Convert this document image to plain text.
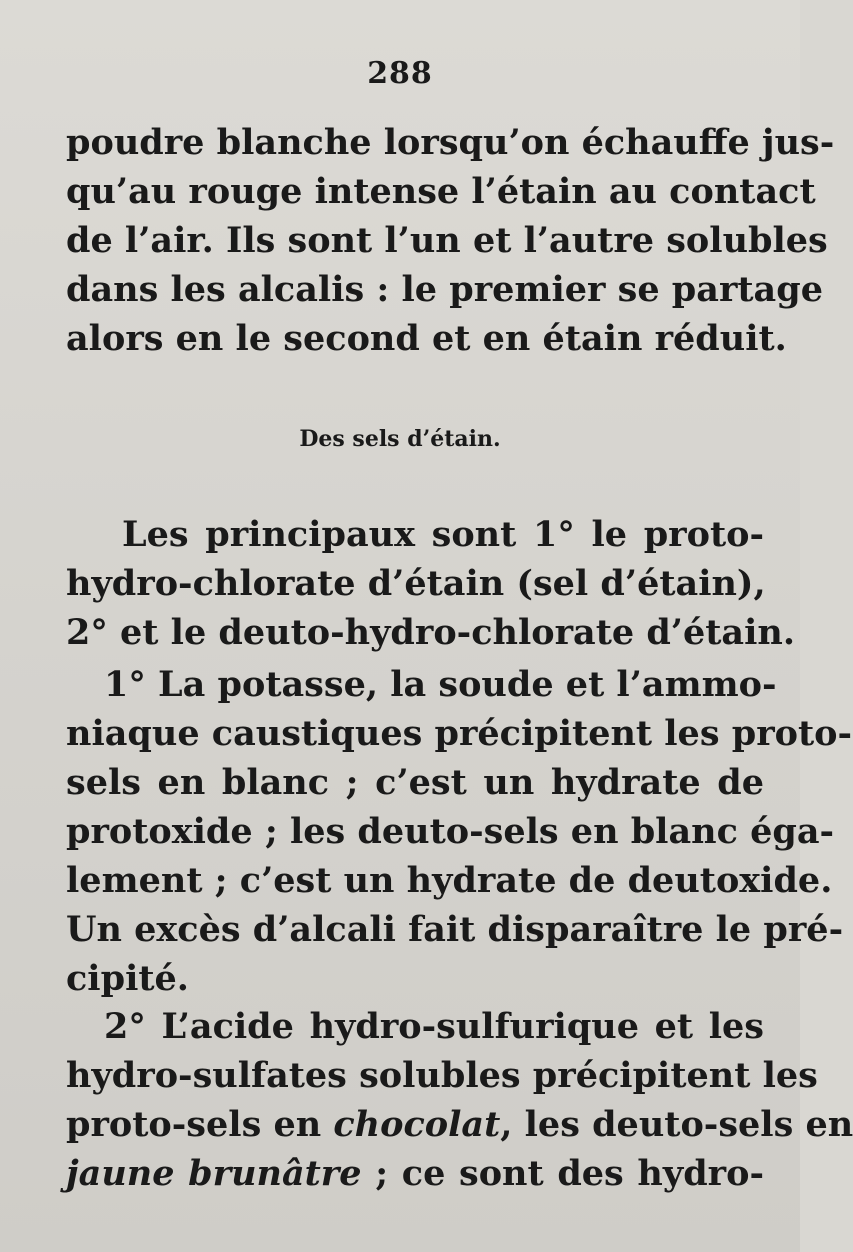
288
poudre blanche lorsqu’on échauffe jus-
qu’au rouge intense l’étain au contact
de l’air. Ils sont l’un et l’autre solubles
dans les alcalis : le premier se partage
alors en le second et en étain réduit.
Des sels d’étain.
Les principaux sont 1° le proto-
hydro-chlorate d’étain (sel d’étain),
2° et le deuto-hydro-chlorate d’étain.
1° La potasse, la soude et l’ammo-
niaque caustiques précipitent les proto-
sels en blanc ; c’est un hydrate de
protoxide ; les deuto-sels en blanc éga-
lement ; c’est un hydrate de deutoxide.
Un excès d’alcali fait disparaître le pré-
cipité.
2° L’acide hydro-sulfurique et les
hydro-sulfates solubles précipitent les
proto-sels en chocolat, les deuto-sels en
jaune brunâtre ; ce sont des hydro-
